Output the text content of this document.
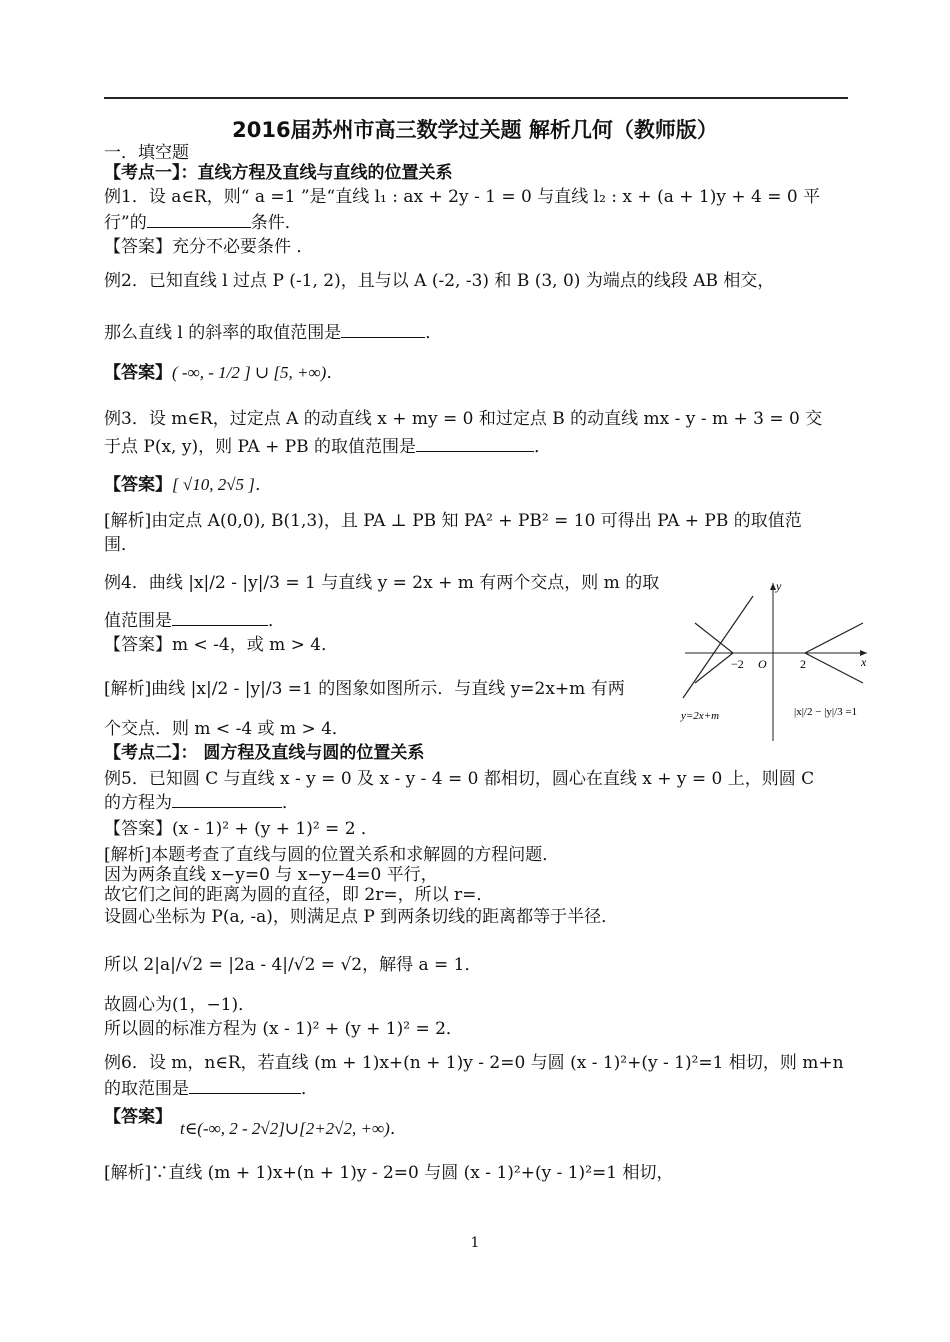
2016届苏州市高三数学过关题 解析几何（教师版）
一．填空题
【考点一】：直线方程及直线与直线的位置关系
例1．设 a∈R，则“ a =1 ”是“直线 l₁ : ax + 2y - 1 = 0 与直线 l₂ : x + (a + 1)y + 4 = 0 平
行”的	条件．
【答案】充分不必要条件 ．
例2．已知直线 l 过点 P (-1, 2)，且与以 A (-2, -3) 和 B (3, 0) 为端点的线段 AB 相交，
那么直线 l 的斜率的取值范围是	．
【答案】( -∞, - 1/2 ] ∪ [5, +∞)．
例3．设 m∈R，过定点 A 的动直线 x + my = 0 和过定点 B 的动直线 mx - y - m + 3 = 0 交
于点 P(x, y)，则 PA + PB 的取值范围是	．
【答案】[ √10, 2√5 ]．
[解析]由定点 A(0,0), B(1,3)，且 PA ⊥ PB 知 PA² + PB² = 10 可得出 PA + PB 的取值范
围．
例4．曲线 |x|/2 - |y|/3 = 1 与直线 y = 2x + m 有两个交点，则 m 的取
值范围是	．
【答案】m < -4，或 m > 4．
[解析]曲线 |x|/2 - |y|/3 =1 的图象如图所示．与直线 y=2x+m 有两
个交点．则 m < -4 或 m > 4．
y
x
O
−2	2
y=2x+m	|x|/2 − |y|/3 =1
【考点二】： 圆方程及直线与圆的位置关系
例5．已知圆 C 与直线 x - y = 0 及 x - y - 4 = 0 都相切，圆心在直线 x + y = 0 上，则圆 C
的方程为	．
【答案】(x - 1)² + (y + 1)² = 2 ．
[解析]本题考查了直线与圆的位置关系和求解圆的方程问题．
因为两条直线 x−y=0 与 x−y−4=0 平行，
故它们之间的距离为圆的直径，即 2r=，所以 r=．
设圆心坐标为 P(a, -a)，则满足点 P 到两条切线的距离都等于半径．
所以 2|a|/√2 = |2a - 4|/√2 = √2，解得 a = 1．
故圆心为(1，−1)．
所以圆的标准方程为 (x - 1)² + (y + 1)² = 2．
例6．设 m，n∈R，若直线 (m + 1)x+(n + 1)y - 2=0 与圆 (x - 1)²+(y - 1)²=1 相切，则 m+n
的取范围是	．
【答案】
t∈(-∞, 2 - 2√2]∪[2+2√2, +∞)．
[解析]∵直线 (m + 1)x+(n + 1)y - 2=0 与圆 (x - 1)²+(y - 1)²=1 相切，
1
